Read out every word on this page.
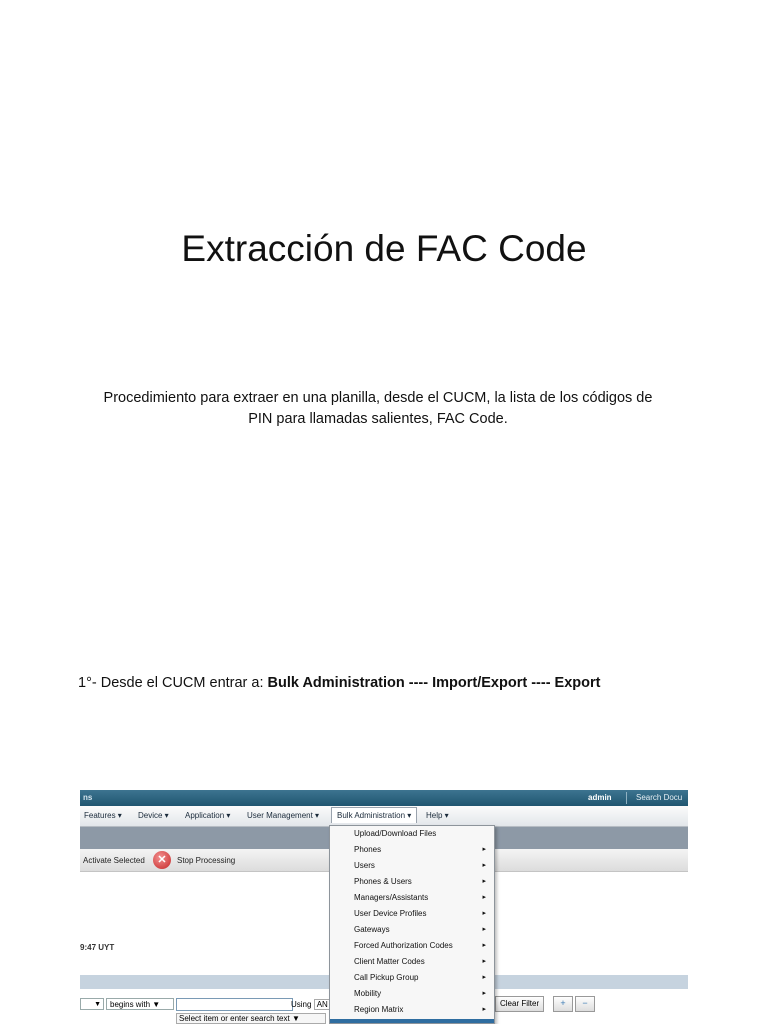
Extracción de FAC Code
Procedimiento para extraer en una planilla, desde el CUCM, la lista de los códigos de PIN para llamadas salientes, FAC Code.
1°- Desde el CUCM entrar a: Bulk Administration ---- Import/Export ---- Export
ns	admin	Search Docu
Features ▾ Device ▾ Application ▾ User Management ▾	Bulk Administration ▾	Help ▾
Activate Selected	✕	Stop Processing
9:47 UYT
▼	begins with ▼	Using AN
Select item or enter search text ▼
Clear Filter	+	−
Upload/Download Files
Phones	▸
Users	▸
Phones & Users	▸
Managers/Assistants	▸
User Device Profiles	▸
Gateways	▸
Forced Authorization Codes	▸
Client Matter Codes	▸
Call Pickup Group	▸
Mobility	▸
Region Matrix	▸
